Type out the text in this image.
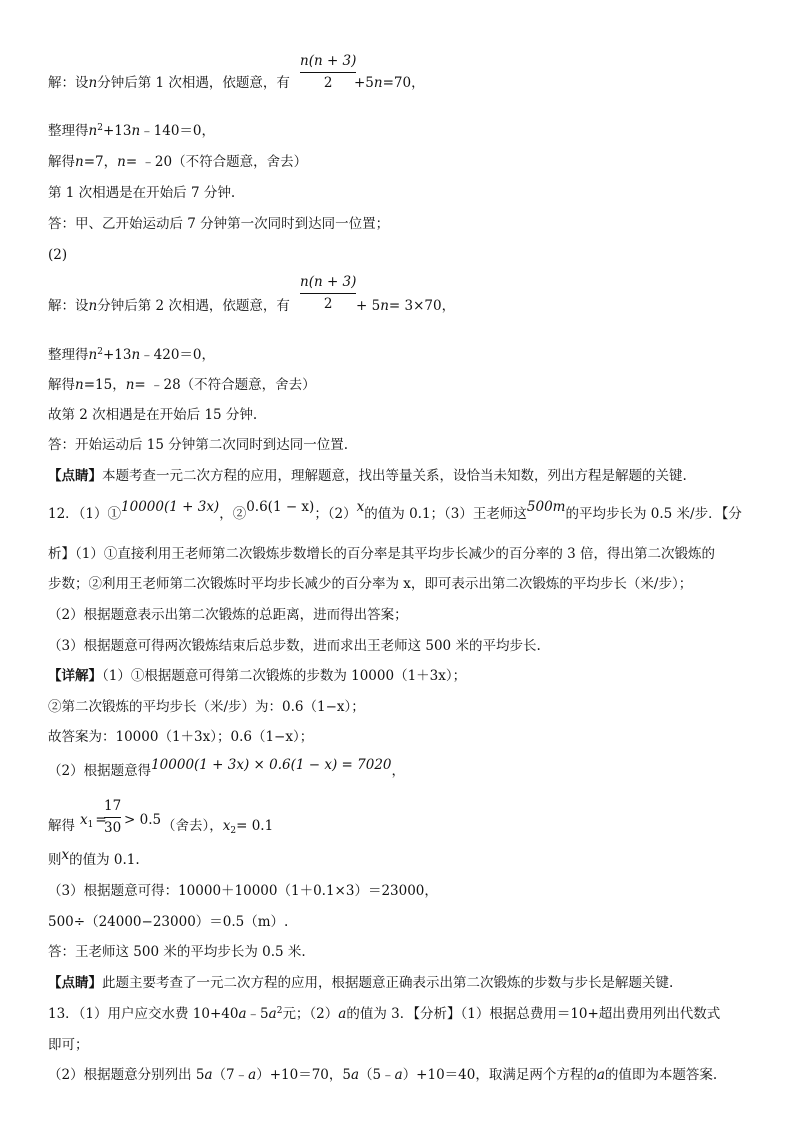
解：设n分钟后第 1 次相遇，依题意，有
n(n + 3)
2	+5n=70，
整理得$n^2+13n﹣140=0$，
解得n=7，n= ﹣20（不符合题意，舍去）
第 1 次相遇是在开始后 7 分钟.
答：甲、乙开始运动后 7 分钟第一次同时到达同一位置；
(2)
解：设n分钟后第 2 次相遇，依题意，有
n(n + 3)
2	+ 5n= 3×70，
整理得$n^2+13n﹣420=0$，
解得n=15，n= ﹣28（不符合题意，舍去）
故第 2 次相遇是在开始后 15 分钟.
答：开始运动后 15 分钟第二次同时到达同一位置.
【点睛】本题考查一元二次方程的应用，理解题意，找出等量关系，设恰当未知数，列出方程是解题的关键.
12．（1）①10000(1 + 3x)，②0.6(1 − x)；（2）x的值为 0.1；（3）王老师这500m的平均步长为 0.5 米/步．【分
析】（1）①直接利用王老师第二次锻炼步数增长的百分率是其平均步长减少的百分率的 3 倍，得出第二次锻炼的
步数；②利用王老师第二次锻炼时平均步长减少的百分率为 x，即可表示出第二次锻炼的平均步长（米/步）；
（2）根据题意表示出第二次锻炼的总距离，进而得出答案；
（3）根据题意可得两次锻炼结束后总步数，进而求出王老师这 500 米的平均步长.
【详解】（1）①根据题意可得第二次锻炼的步数为 10000（1＋3x）；
②第二次锻炼的平均步长（米/步）为：0.6（1−x）；
故答案为：10000（1＋3x）；0.6（1−x）；
（2）根据题意得10000(1 + 3x) × 0.6(1 − x) = 7020，
解得 $x_1$ =
17
30 > 0.5 （舍去），$x_2= 0.1$
则x的值为 0.1.
（3）根据题意可得：10000＋10000（1＋0.1×3）＝23000，
500÷（24000−23000）＝0.5（m）.
答：王老师这 500 米的平均步长为 0.5 米.
【点睛】此题主要考查了一元二次方程的应用，根据题意正确表示出第二次锻炼的步数与步长是解题关键.
13．（1）用户应交水费 $10+40a﹣5a^2$元；（2）a的值为 3．【分析】（1）根据总费用＝10+超出费用列出代数式
即可；
（2）根据题意分别列出 5a（7﹣a）+10＝70，5a（5﹣a）+10＝40，取满足两个方程的a的值即为本题答案.
